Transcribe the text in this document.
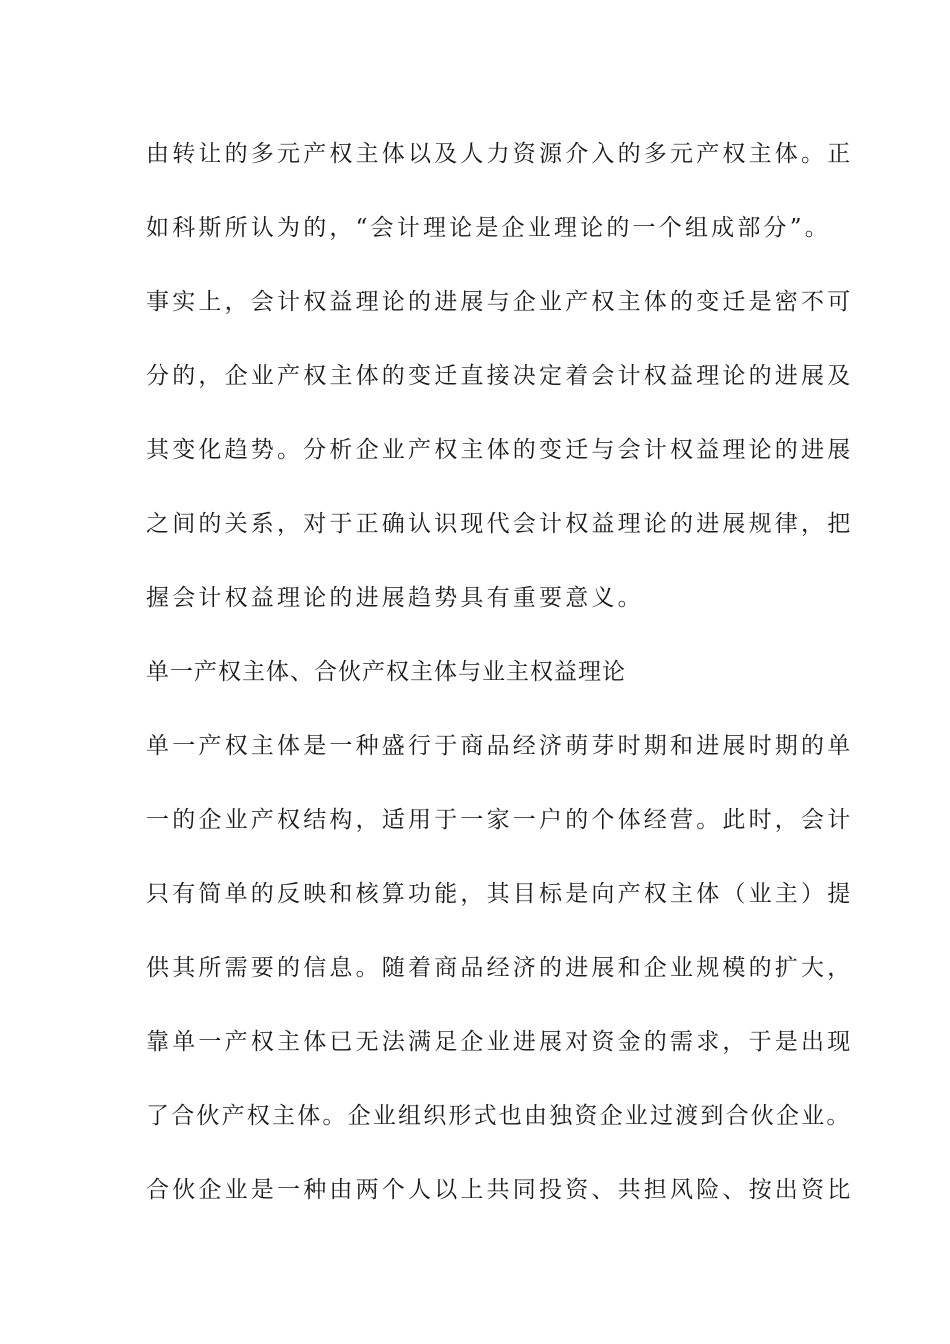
由转让的多元产权主体以及人力资源介入的多元产权主体。正
如科斯所认为的，“会计理论是企业理论的一个组成部分”。
事实上，会计权益理论的进展与企业产权主体的变迁是密不可
分的，企业产权主体的变迁直接决定着会计权益理论的进展及
其变化趋势。分析企业产权主体的变迁与会计权益理论的进展
之间的关系，对于正确认识现代会计权益理论的进展规律，把
握会计权益理论的进展趋势具有重要意义。
单一产权主体、合伙产权主体与业主权益理论
单一产权主体是一种盛行于商品经济萌芽时期和进展时期的单
一的企业产权结构，适用于一家一户的个体经营。此时，会计
只有简单的反映和核算功能，其目标是向产权主体（业主）提
供其所需要的信息。随着商品经济的进展和企业规模的扩大，
靠单一产权主体已无法满足企业进展对资金的需求，于是出现
了合伙产权主体。企业组织形式也由独资企业过渡到合伙企业。
合伙企业是一种由两个人以上共同投资、共担风险、按出资比
